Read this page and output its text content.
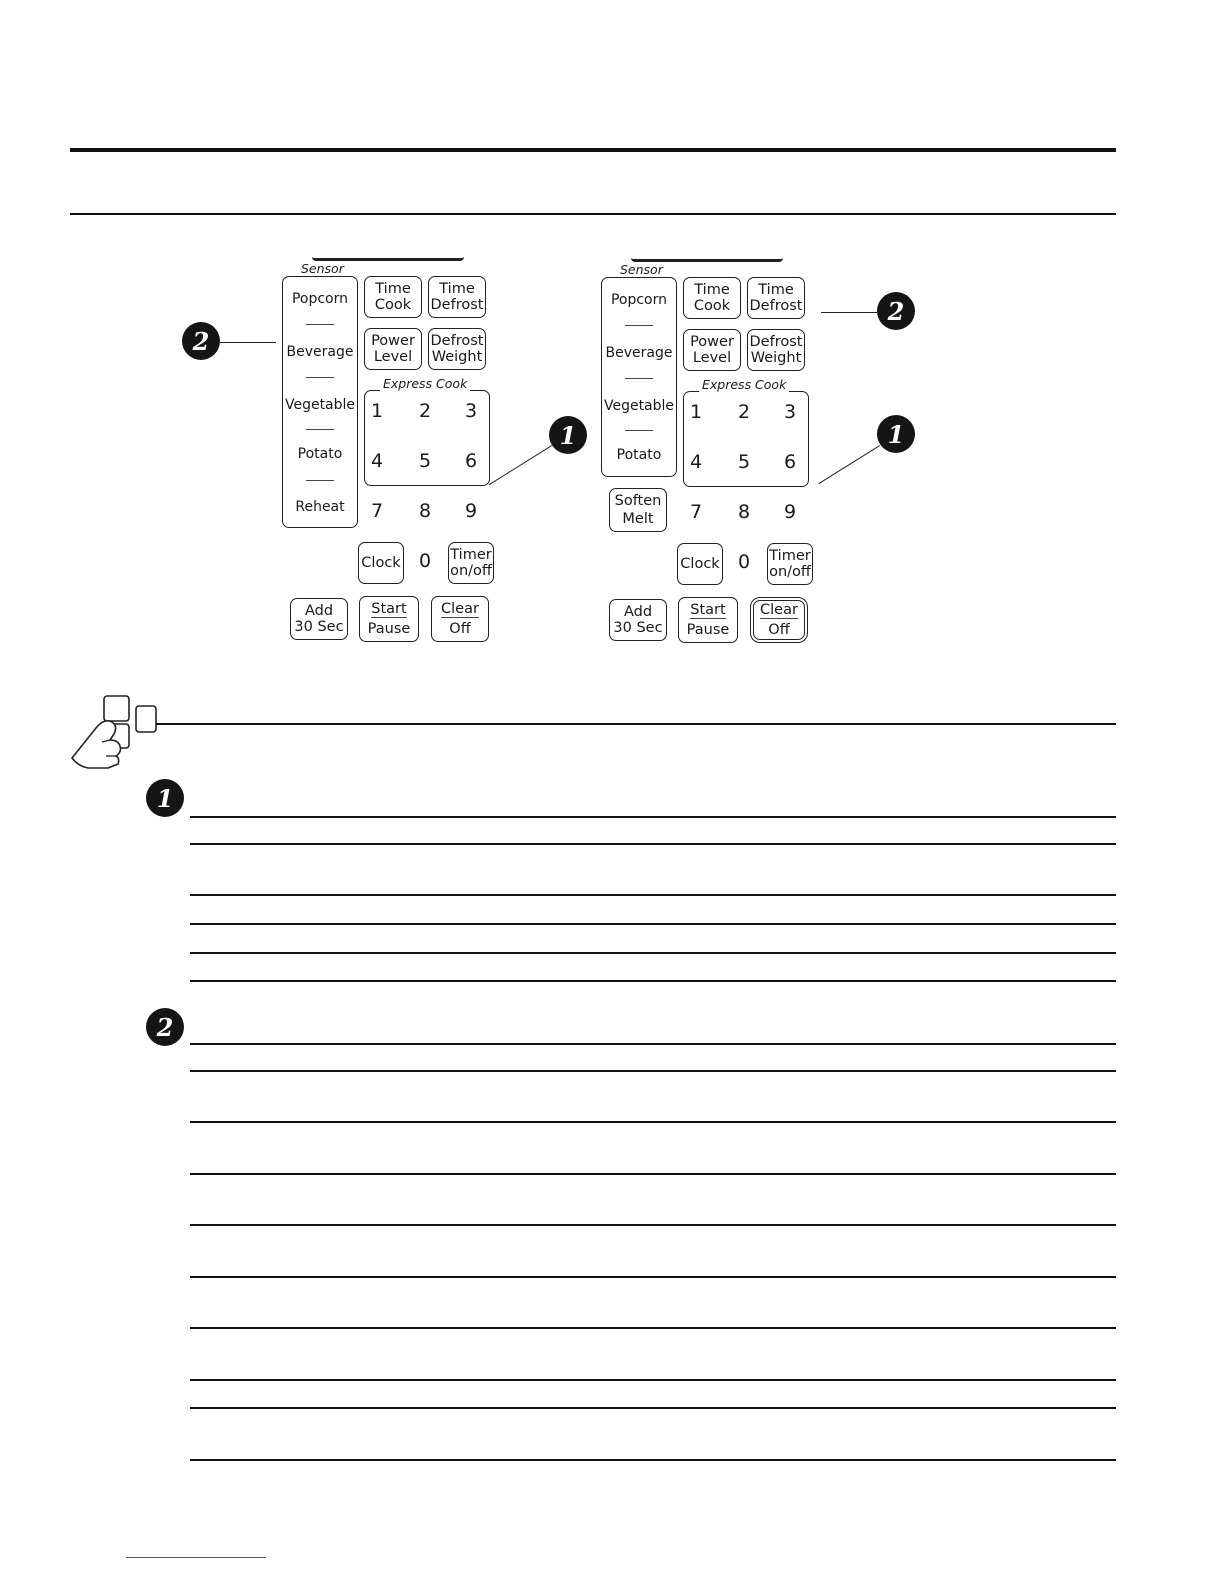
Sensor
Popcorn
Beverage
Vegetable
Potato
Reheat
Time
Cook
Time
Defrost
Power
Level
Defrost
Weight
Express Cook
1 2 3
4 5 6
7 8 9
Clock 0	Timer
on/off
Add
30 Sec
Start
Pause
Clear
Off
Sensor
Popcorn
Beverage
Vegetable
Potato
Soften
Melt
Time
Cook
Time
Defrost
Power
Level
Defrost
Weight
Express Cook
1 2 3
4 5 6
7 8 9
Clock 0	Timer
on/off
Add
30 Sec
Start
Pause
Clear
Off
2
1
2
1
1
2
